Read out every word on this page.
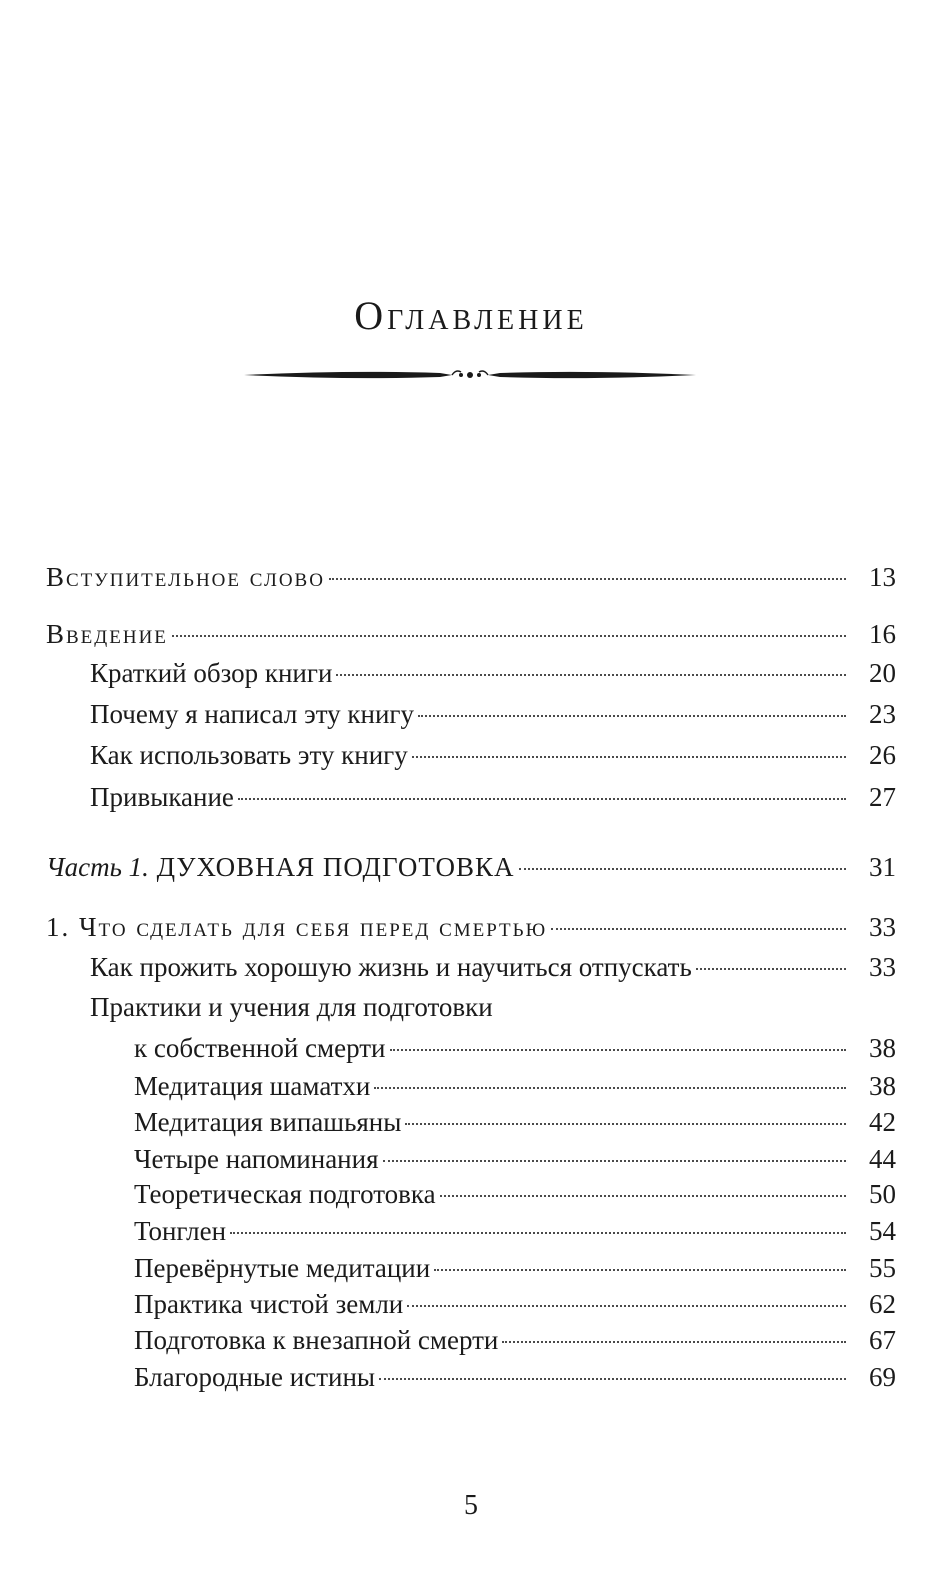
Оглавление
Вступительное слово	13
Введение	16
Краткий обзор книги	20
Почему я написал эту книгу	23
Как использовать эту книгу	26
Привыкание	27
Часть 1. ДУХОВНАЯ ПОДГОТОВКА	31
1. Что сделать для себя перед смертью	33
Как прожить хорошую жизнь и научиться отпускать	33
Практики и учения для подготовки
к собственной смерти	38
Медитация шаматхи	38
Медитация випашьяны	42
Четыре напоминания	44
Теоретическая подготовка	50
Тонглен	54
Перевёрнутые медитации	55
Практика чистой земли	62
Подготовка к внезапной смерти	67
Благородные истины	69
5
